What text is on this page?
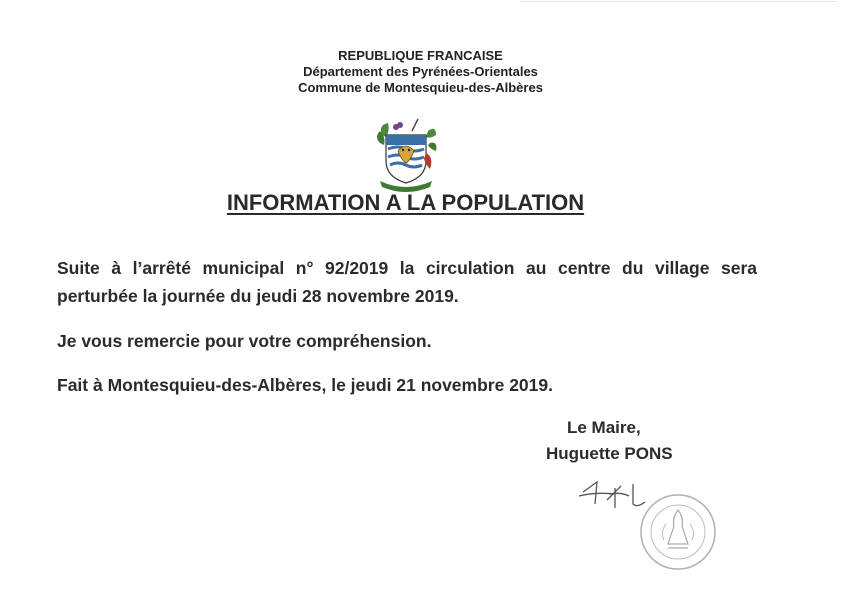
REPUBLIQUE FRANCAISE
Département des Pyrénées-Orientales
Commune de Montesquieu-des-Albères
INFORMATION A LA POPULATION
Suite à l’arrêté municipal n° 92/2019 la circulation au centre du village sera perturbée la journée du jeudi 28 novembre 2019.
Je vous remercie pour votre compréhension.
Fait à Montesquieu-des-Albères, le jeudi 21 novembre 2019.
Le Maire,
Huguette PONS
